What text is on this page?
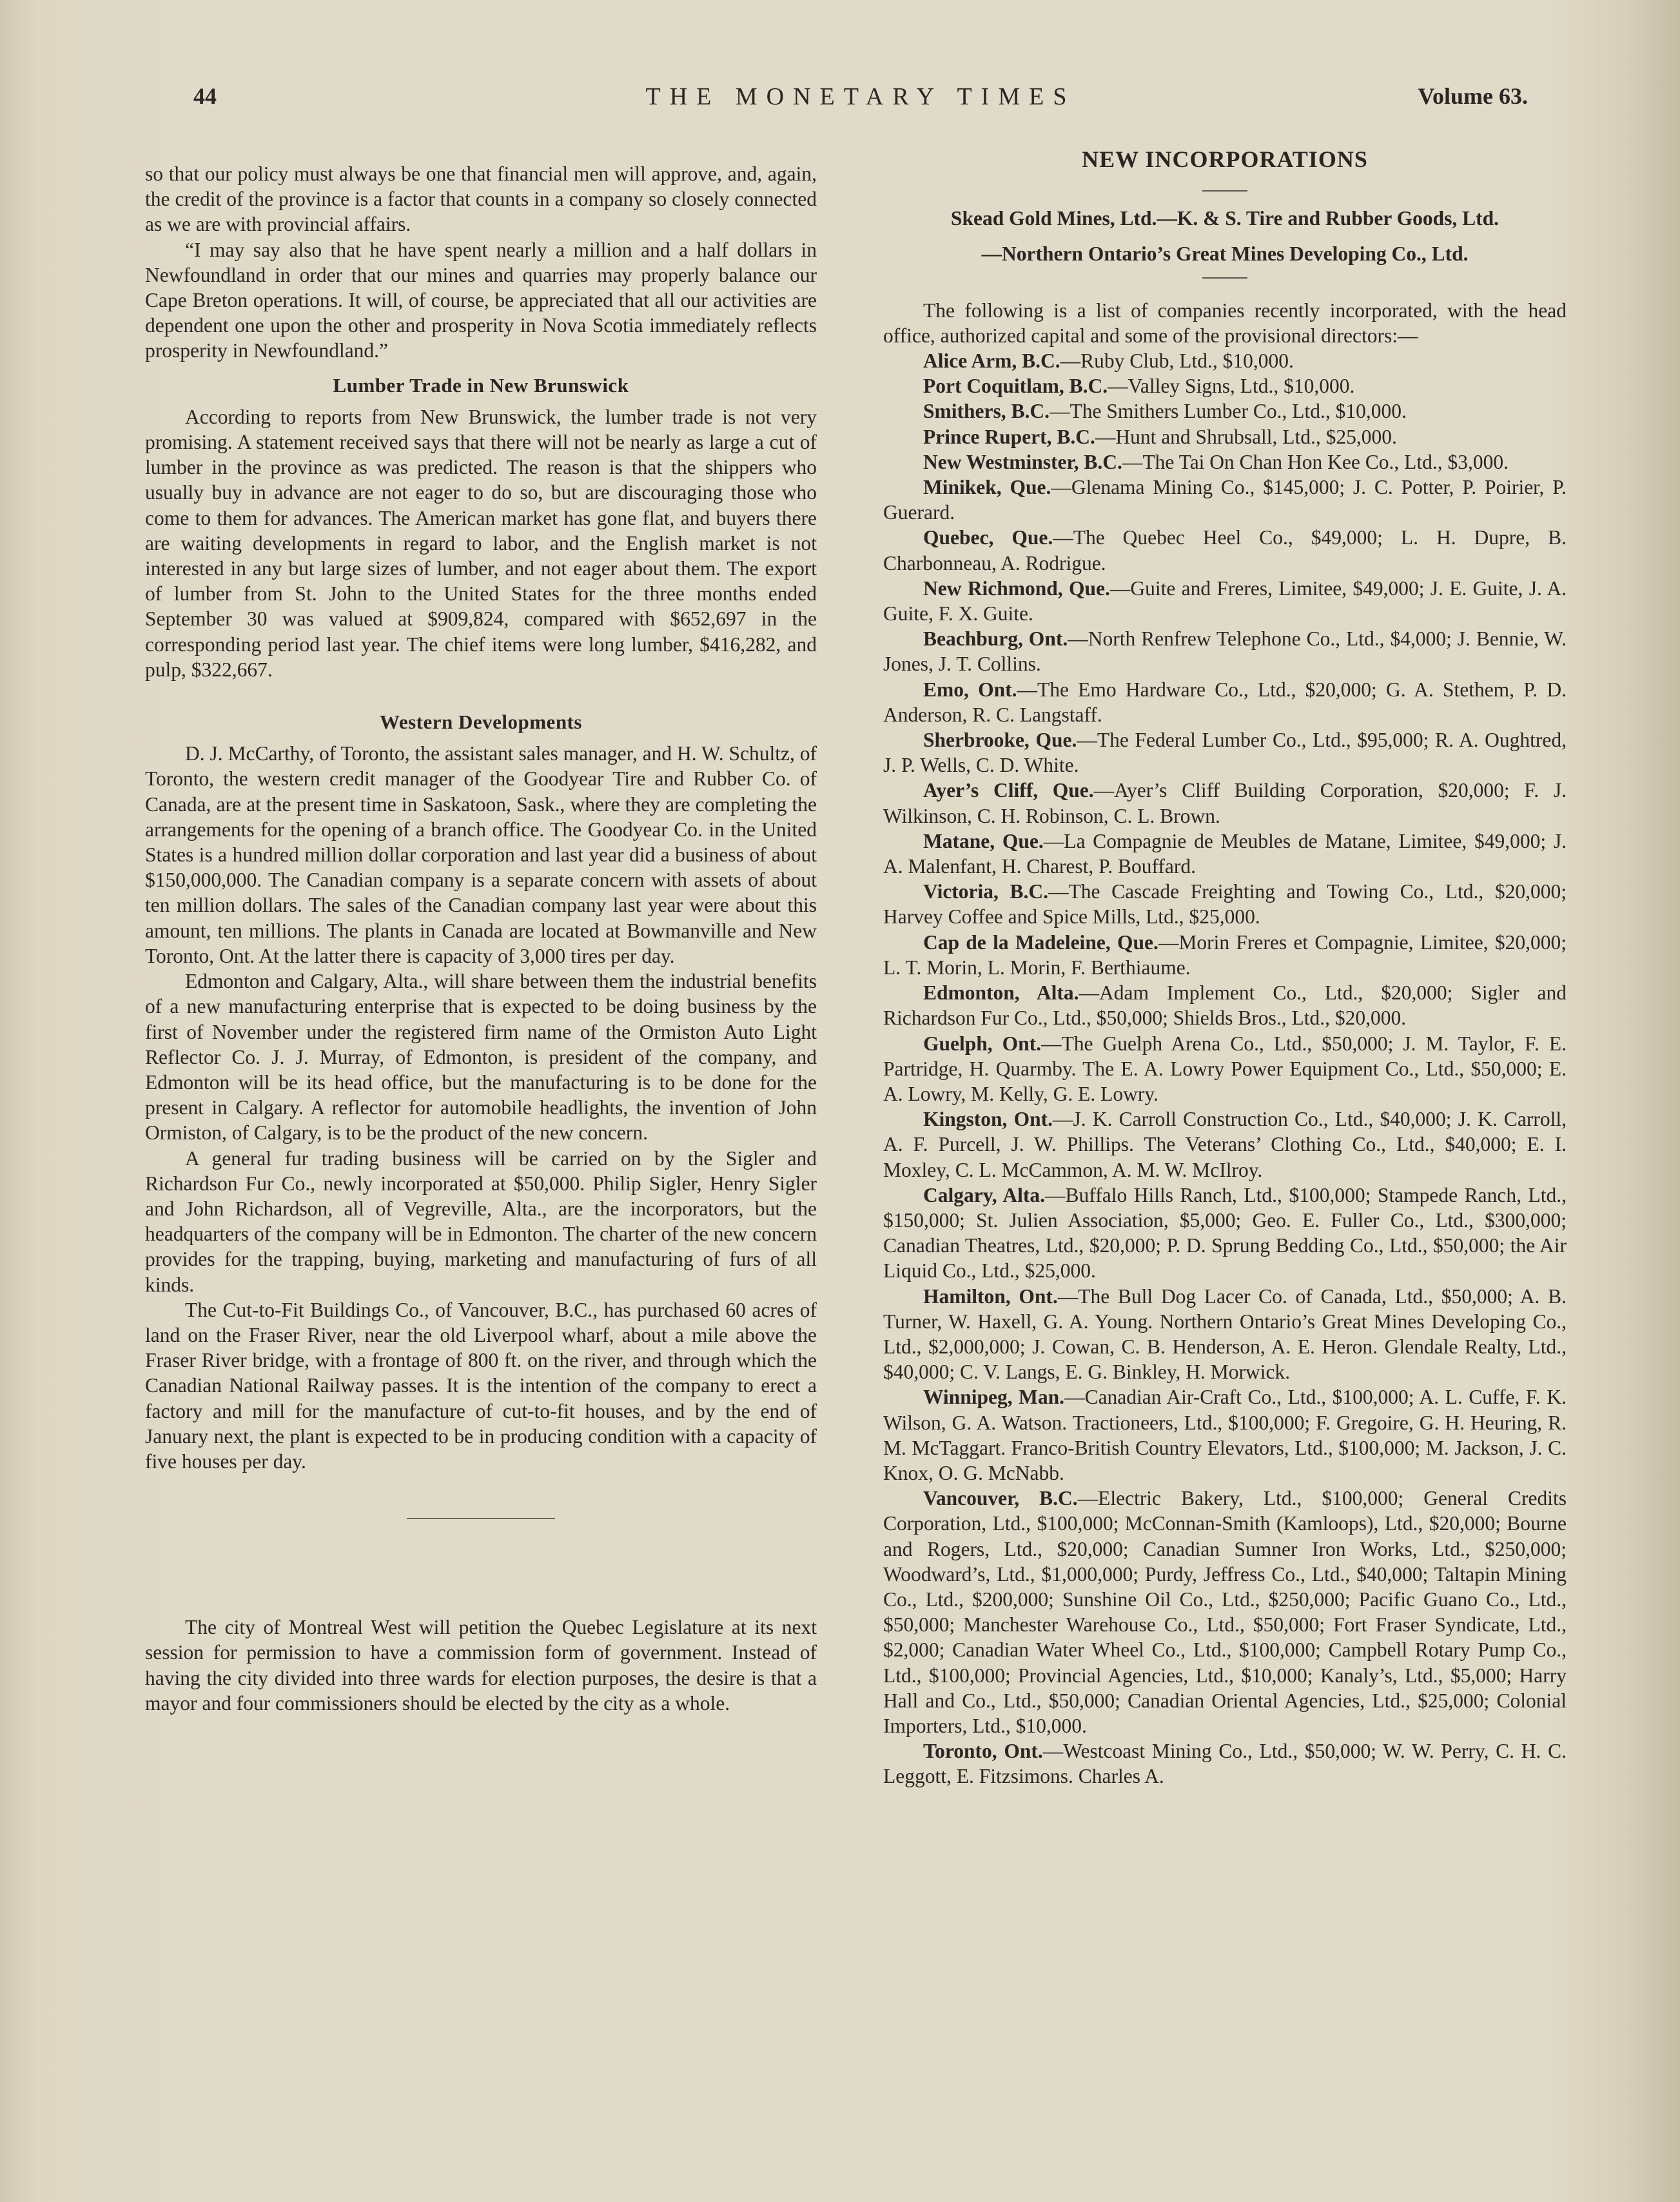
44	THE MONETARY TIMES	Volume 63.

so that our policy must always be one that financial men will approve, and, again, the credit of the province is a factor that counts in a company so closely connected as we are with provincial affairs.

“I may say also that he have spent nearly a million and a half dollars in Newfoundland in order that our mines and quarries may properly balance our Cape Breton operations. It will, of course, be appreciated that all our activities are dependent one upon the other and prosperity in Nova Scotia immediately reflects prosperity in Newfoundland.”

Lumber Trade in New Brunswick

According to reports from New Brunswick, the lumber trade is not very promising. A statement received says that there will not be nearly as large a cut of lumber in the province as was predicted. The reason is that the shippers who usually buy in advance are not eager to do so, but are discouraging those who come to them for advances. The American market has gone flat, and buyers there are waiting developments in regard to labor, and the English market is not interested in any but large sizes of lumber, and not eager about them. The export of lumber from St. John to the United States for the three months ended September 30 was valued at $909,824, compared with $652,697 in the corresponding period last year. The chief items were long lumber, $416,282, and pulp, $322,667.

Western Developments

D. J. McCarthy, of Toronto, the assistant sales manager, and H. W. Schultz, of Toronto, the western credit manager of the Goodyear Tire and Rubber Co. of Canada, are at the present time in Saskatoon, Sask., where they are completing the arrangements for the opening of a branch office. The Goodyear Co. in the United States is a hundred million dollar corporation and last year did a business of about $150,000,000. The Canadian company is a separate concern with assets of about ten million dollars. The sales of the Canadian company last year were about this amount, ten millions. The plants in Canada are located at Bowmanville and New Toronto, Ont. At the latter there is capacity of 3,000 tires per day.

Edmonton and Calgary, Alta., will share between them the industrial benefits of a new manufacturing enterprise that is expected to be doing business by the first of November under the registered firm name of the Ormiston Auto Light Reflector Co. J. J. Murray, of Edmonton, is president of the company, and Edmonton will be its head office, but the manufacturing is to be done for the present in Calgary. A reflector for automobile headlights, the invention of John Ormiston, of Calgary, is to be the product of the new concern.

A general fur trading business will be carried on by the Sigler and Richardson Fur Co., newly incorporated at $50,000. Philip Sigler, Henry Sigler and John Richardson, all of Vegreville, Alta., are the incorporators, but the headquarters of the company will be in Edmonton. The charter of the new concern provides for the trapping, buying, marketing and manufacturing of furs of all kinds.

The Cut-to-Fit Buildings Co., of Vancouver, B.C., has purchased 60 acres of land on the Fraser River, near the old Liverpool wharf, about a mile above the Fraser River bridge, with a frontage of 800 ft. on the river, and through which the Canadian National Railway passes. It is the intention of the company to erect a factory and mill for the manufacture of cut-to-fit houses, and by the end of January next, the plant is expected to be in producing condition with a capacity of five houses per day.

The city of Montreal West will petition the Quebec Legislature at its next session for permission to have a commission form of government. Instead of having the city divided into three wards for election purposes, the desire is that a mayor and four commissioners should be elected by the city as a whole.

NEW INCORPORATIONS
Skead Gold Mines, Ltd.—K. & S. Tire and Rubber Goods, Ltd.
—Northern Ontario’s Great Mines Developing Co., Ltd.

The following is a list of companies recently incorporated, with the head office, authorized capital and some of the provisional directors:—

Alice Arm, B.C.—Ruby Club, Ltd., $10,000.

Port Coquitlam, B.C.—Valley Signs, Ltd., $10,000.

Smithers, B.C.—The Smithers Lumber Co., Ltd., $10,000.

Prince Rupert, B.C.—Hunt and Shrubsall, Ltd., $25,000.

New Westminster, B.C.—The Tai On Chan Hon Kee Co., Ltd., $3,000.

Minikek, Que.—Glenama Mining Co., $145,000; J. C. Potter, P. Poirier, P. Guerard.

Quebec, Que.—The Quebec Heel Co., $49,000; L. H. Dupre, B. Charbonneau, A. Rodrigue.

New Richmond, Que.—Guite and Freres, Limitee, $49,000; J. E. Guite, J. A. Guite, F. X. Guite.

Beachburg, Ont.—North Renfrew Telephone Co., Ltd., $4,000; J. Bennie, W. Jones, J. T. Collins.

Emo, Ont.—The Emo Hardware Co., Ltd., $20,000; G. A. Stethem, P. D. Anderson, R. C. Langstaff.

Sherbrooke, Que.—The Federal Lumber Co., Ltd., $95,000; R. A. Oughtred, J. P. Wells, C. D. White.

Ayer’s Cliff, Que.—Ayer’s Cliff Building Corporation, $20,000; F. J. Wilkinson, C. H. Robinson, C. L. Brown.

Matane, Que.—La Compagnie de Meubles de Matane, Limitee, $49,000; J. A. Malenfant, H. Charest, P. Bouffard.

Victoria, B.C.—The Cascade Freighting and Towing Co., Ltd., $20,000; Harvey Coffee and Spice Mills, Ltd., $25,000.

Cap de la Madeleine, Que.—Morin Freres et Compagnie, Limitee, $20,000; L. T. Morin, L. Morin, F. Berthiaume.

Edmonton, Alta.—Adam Implement Co., Ltd., $20,000; Sigler and Richardson Fur Co., Ltd., $50,000; Shields Bros., Ltd., $20,000.

Guelph, Ont.—The Guelph Arena Co., Ltd., $50,000; J. M. Taylor, F. E. Partridge, H. Quarmby. The E. A. Lowry Power Equipment Co., Ltd., $50,000; E. A. Lowry, M. Kelly, G. E. Lowry.

Kingston, Ont.—J. K. Carroll Construction Co., Ltd., $40,000; J. K. Carroll, A. F. Purcell, J. W. Phillips. The Veterans’ Clothing Co., Ltd., $40,000; E. I. Moxley, C. L. McCammon, A. M. W. McIlroy.

Calgary, Alta.—Buffalo Hills Ranch, Ltd., $100,000; Stampede Ranch, Ltd., $150,000; St. Julien Association, $5,000; Geo. E. Fuller Co., Ltd., $300,000; Canadian Theatres, Ltd., $20,000; P. D. Sprung Bedding Co., Ltd., $50,000; the Air Liquid Co., Ltd., $25,000.

Hamilton, Ont.—The Bull Dog Lacer Co. of Canada, Ltd., $50,000; A. B. Turner, W. Haxell, G. A. Young. Northern Ontario’s Great Mines Developing Co., Ltd., $2,000,000; J. Cowan, C. B. Henderson, A. E. Heron. Glendale Realty, Ltd., $40,000; C. V. Langs, E. G. Binkley, H. Morwick.

Winnipeg, Man.—Canadian Air-Craft Co., Ltd., $100,000; A. L. Cuffe, F. K. Wilson, G. A. Watson. Tractioneers, Ltd., $100,000; F. Gregoire, G. H. Heuring, R. M. McTaggart. Franco-British Country Elevators, Ltd., $100,000; M. Jackson, J. C. Knox, O. G. McNabb.

Vancouver, B.C.—Electric Bakery, Ltd., $100,000; General Credits Corporation, Ltd., $100,000; McConnan-Smith (Kamloops), Ltd., $20,000; Bourne and Rogers, Ltd., $20,000; Canadian Sumner Iron Works, Ltd., $250,000; Woodward’s, Ltd., $1,000,000; Purdy, Jeffress Co., Ltd., $40,000; Taltapin Mining Co., Ltd., $200,000; Sunshine Oil Co., Ltd., $250,000; Pacific Guano Co., Ltd., $50,000; Manchester Warehouse Co., Ltd., $50,000; Fort Fraser Syndicate, Ltd., $2,000; Canadian Water Wheel Co., Ltd., $100,000; Campbell Rotary Pump Co., Ltd., $100,000; Provincial Agencies, Ltd., $10,000; Kanaly’s, Ltd., $5,000; Harry Hall and Co., Ltd., $50,000; Canadian Oriental Agencies, Ltd., $25,000; Colonial Importers, Ltd., $10,000.

Toronto, Ont.—Westcoast Mining Co., Ltd., $50,000; W. W. Perry, C. H. C. Leggott, E. Fitzsimons. Charles A.
